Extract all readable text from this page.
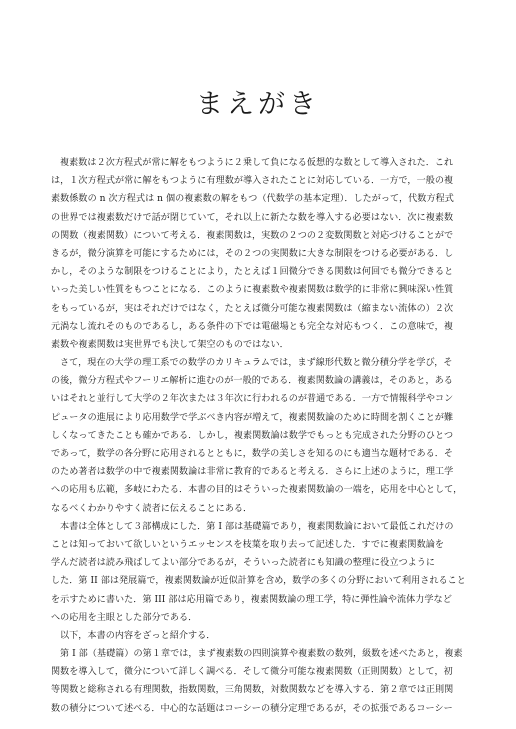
まえがき
複素数は２次方程式が常に解をもつように２乗して負になる仮想的な数として導入された．これ
は，１次方程式が常に解をもつように有理数が導入されたことに対応している．一方で，一般の複
素数係数の n 次方程式は n 個の複素数の解をもつ（代数学の基本定理）．したがって，代数方程式
の世界では複素数だけで話が閉じていて，それ以上に新たな数を導入する必要はない．次に複素数
の関数（複素関数）について考える．複素関数は，実数の２つの２変数関数と対応づけることがで
きるが，微分演算を可能にするためには，その２つの実関数に大きな制限をつける必要がある．し
かし，そのような制限をつけることにより，たとえば１回微分できる関数は何回でも微分できると
いった美しい性質をもつことになる．このように複素数や複素関数は数学的に非常に興味深い性質
をもっているが，実はそれだけではなく，たとえば微分可能な複素関数は（縮まない流体の）２次
元渦なし流れそのものであるし，ある条件の下では電磁場とも完全な対応もつく．この意味で，複
素数や複素関数は実世界でも決して架空のものではない．
さて，現在の大学の理工系での数学のカリキュラムでは，まず線形代数と微分積分学を学び，そ
の後，微分方程式やフーリエ解析に進むのが一般的である．複素関数論の講義は，そのあと，ある
いはそれと並行して大学の２年次または３年次に行われるのが普通である．一方で情報科学やコン
ピュータの進展により応用数学で学ぶべき内容が増えて，複素関数論のために時間を割くことが難
しくなってきたことも確かである．しかし，複素関数論は数学でもっとも完成された分野のひとつ
であって，数学の各分野に応用されるとともに，数学の美しさを知るのにも適当な題材である．そ
のため著者は数学の中で複素関数論は非常に教育的であると考える．さらに上述のように，理工学
への応用も広範，多岐にわたる．本書の目的はそういった複素関数論の一端を，応用を中心として，
なるべくわかりやすく読者に伝えることにある．
本書は全体として３部構成にした．第 I 部は基礎篇であり，複素関数論において最低これだけの
ことは知っておいて欲しいというエッセンスを枝葉を取り去って記述した．すでに複素関数論を
学んだ読者は読み飛ばしてよい部分であるが，そういった読者にも知識の整理に役立つように
した．第 II 部は発展篇で，複素関数論が近似計算を含め，数学の多くの分野において利用されること
を示すために書いた．第 III 部は応用篇であり，複素関数論の理工学，特に弾性論や流体力学など
への応用を主眼とした部分である．
以下，本書の内容をざっと紹介する．
第 I 部（基礎篇）の第１章では，まず複素数の四則演算や複素数の数列，級数を述べたあと，複素
関数を導入して，微分について詳しく調べる．そして微分可能な複素関数（正則関数）として，初
等関数と総称される有理関数，指数関数，三角関数，対数関数などを導入する．第２章では正則関
数の積分について述べる．中心的な話題はコーシーの積分定理であるが，その拡張であるコーシー
